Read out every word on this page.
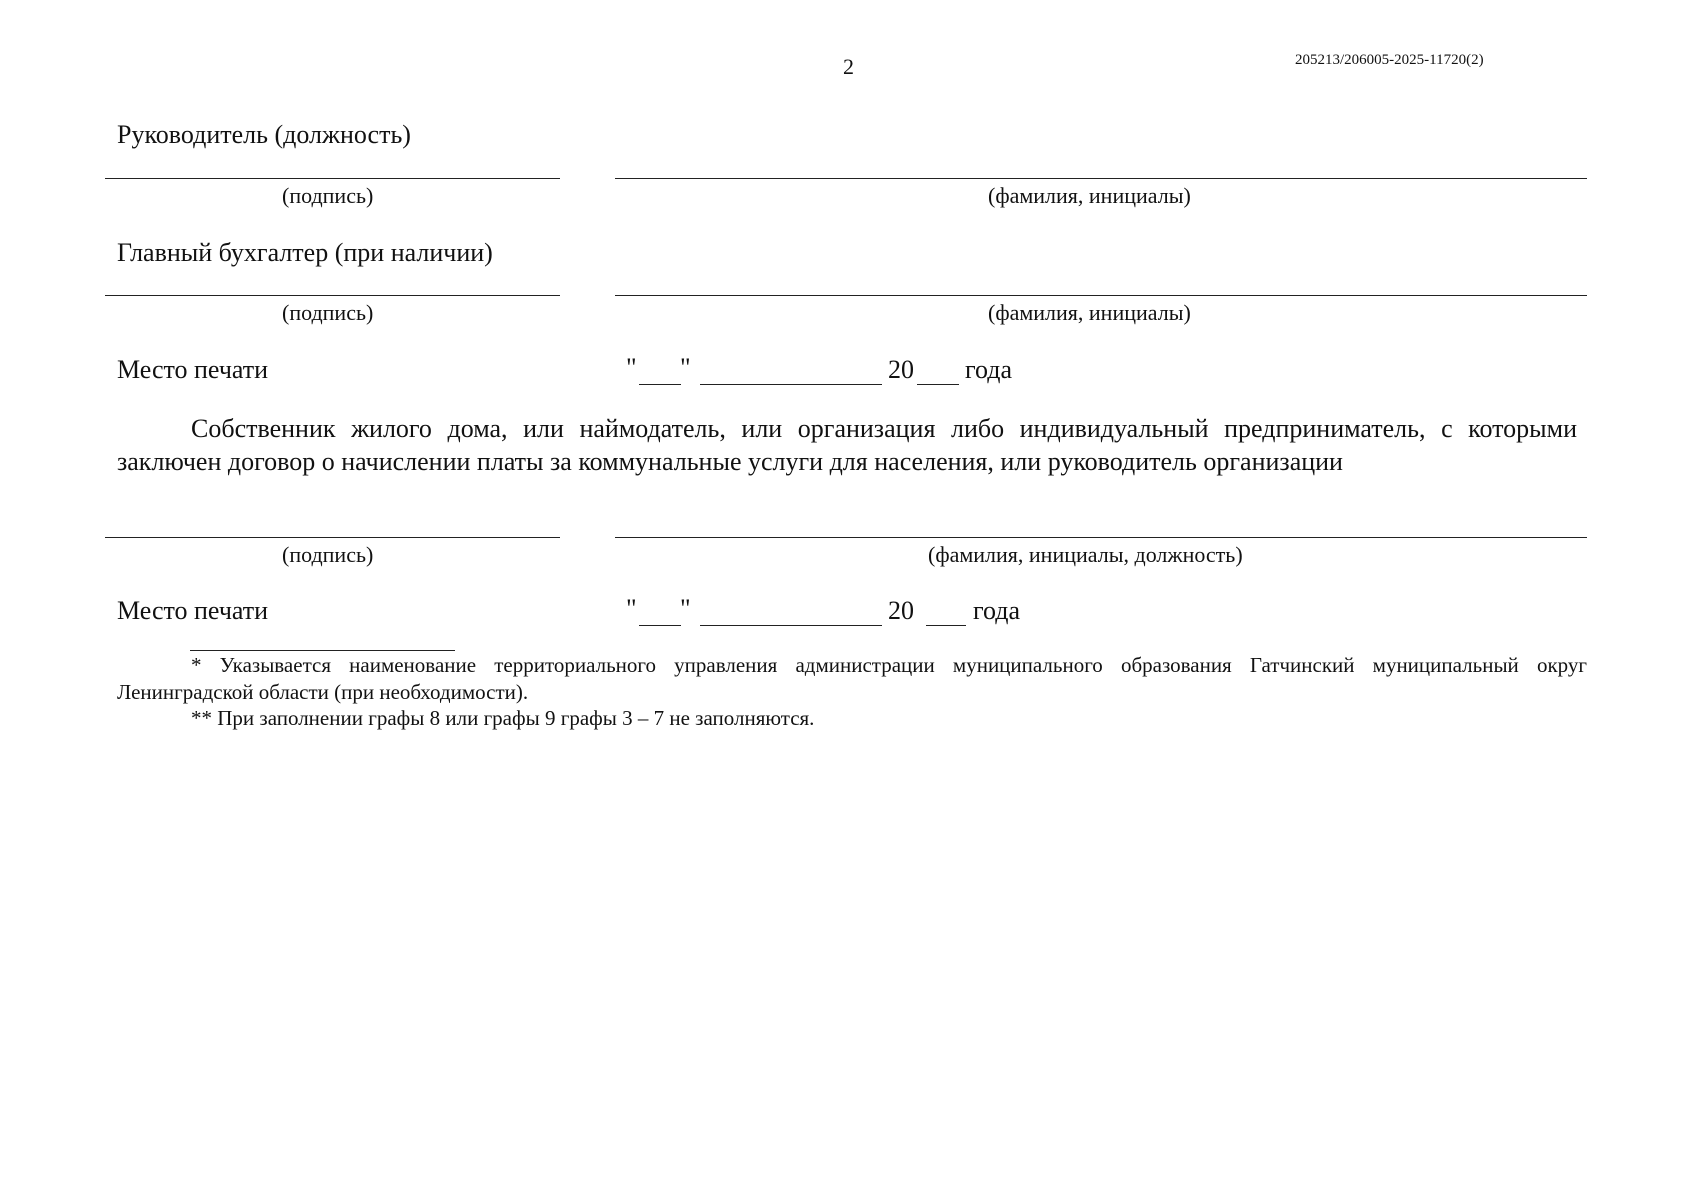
2	205213/206005-2025-11720(2)
Руководитель (должность)
(подпись)	(фамилия, инициалы)
Главный бухгалтер (при наличии)
(подпись)	(фамилия, инициалы)
Место печати	" "	20 года
Собственник жилого дома, или наймодатель, или организация либо индивидуальный предприниматель, с которыми заключен договор о начислении платы за коммунальные услуги для населения, или руководитель организации
(подпись)	(фамилия, инициалы, должность)
Место печати	" "	20 года
* Указывается наименование территориального управления администрации муниципального образования Гатчинский муниципальный округ Ленинградской области (при необходимости).
** При заполнении графы 8 или графы 9 графы 3 – 7 не заполняются.
